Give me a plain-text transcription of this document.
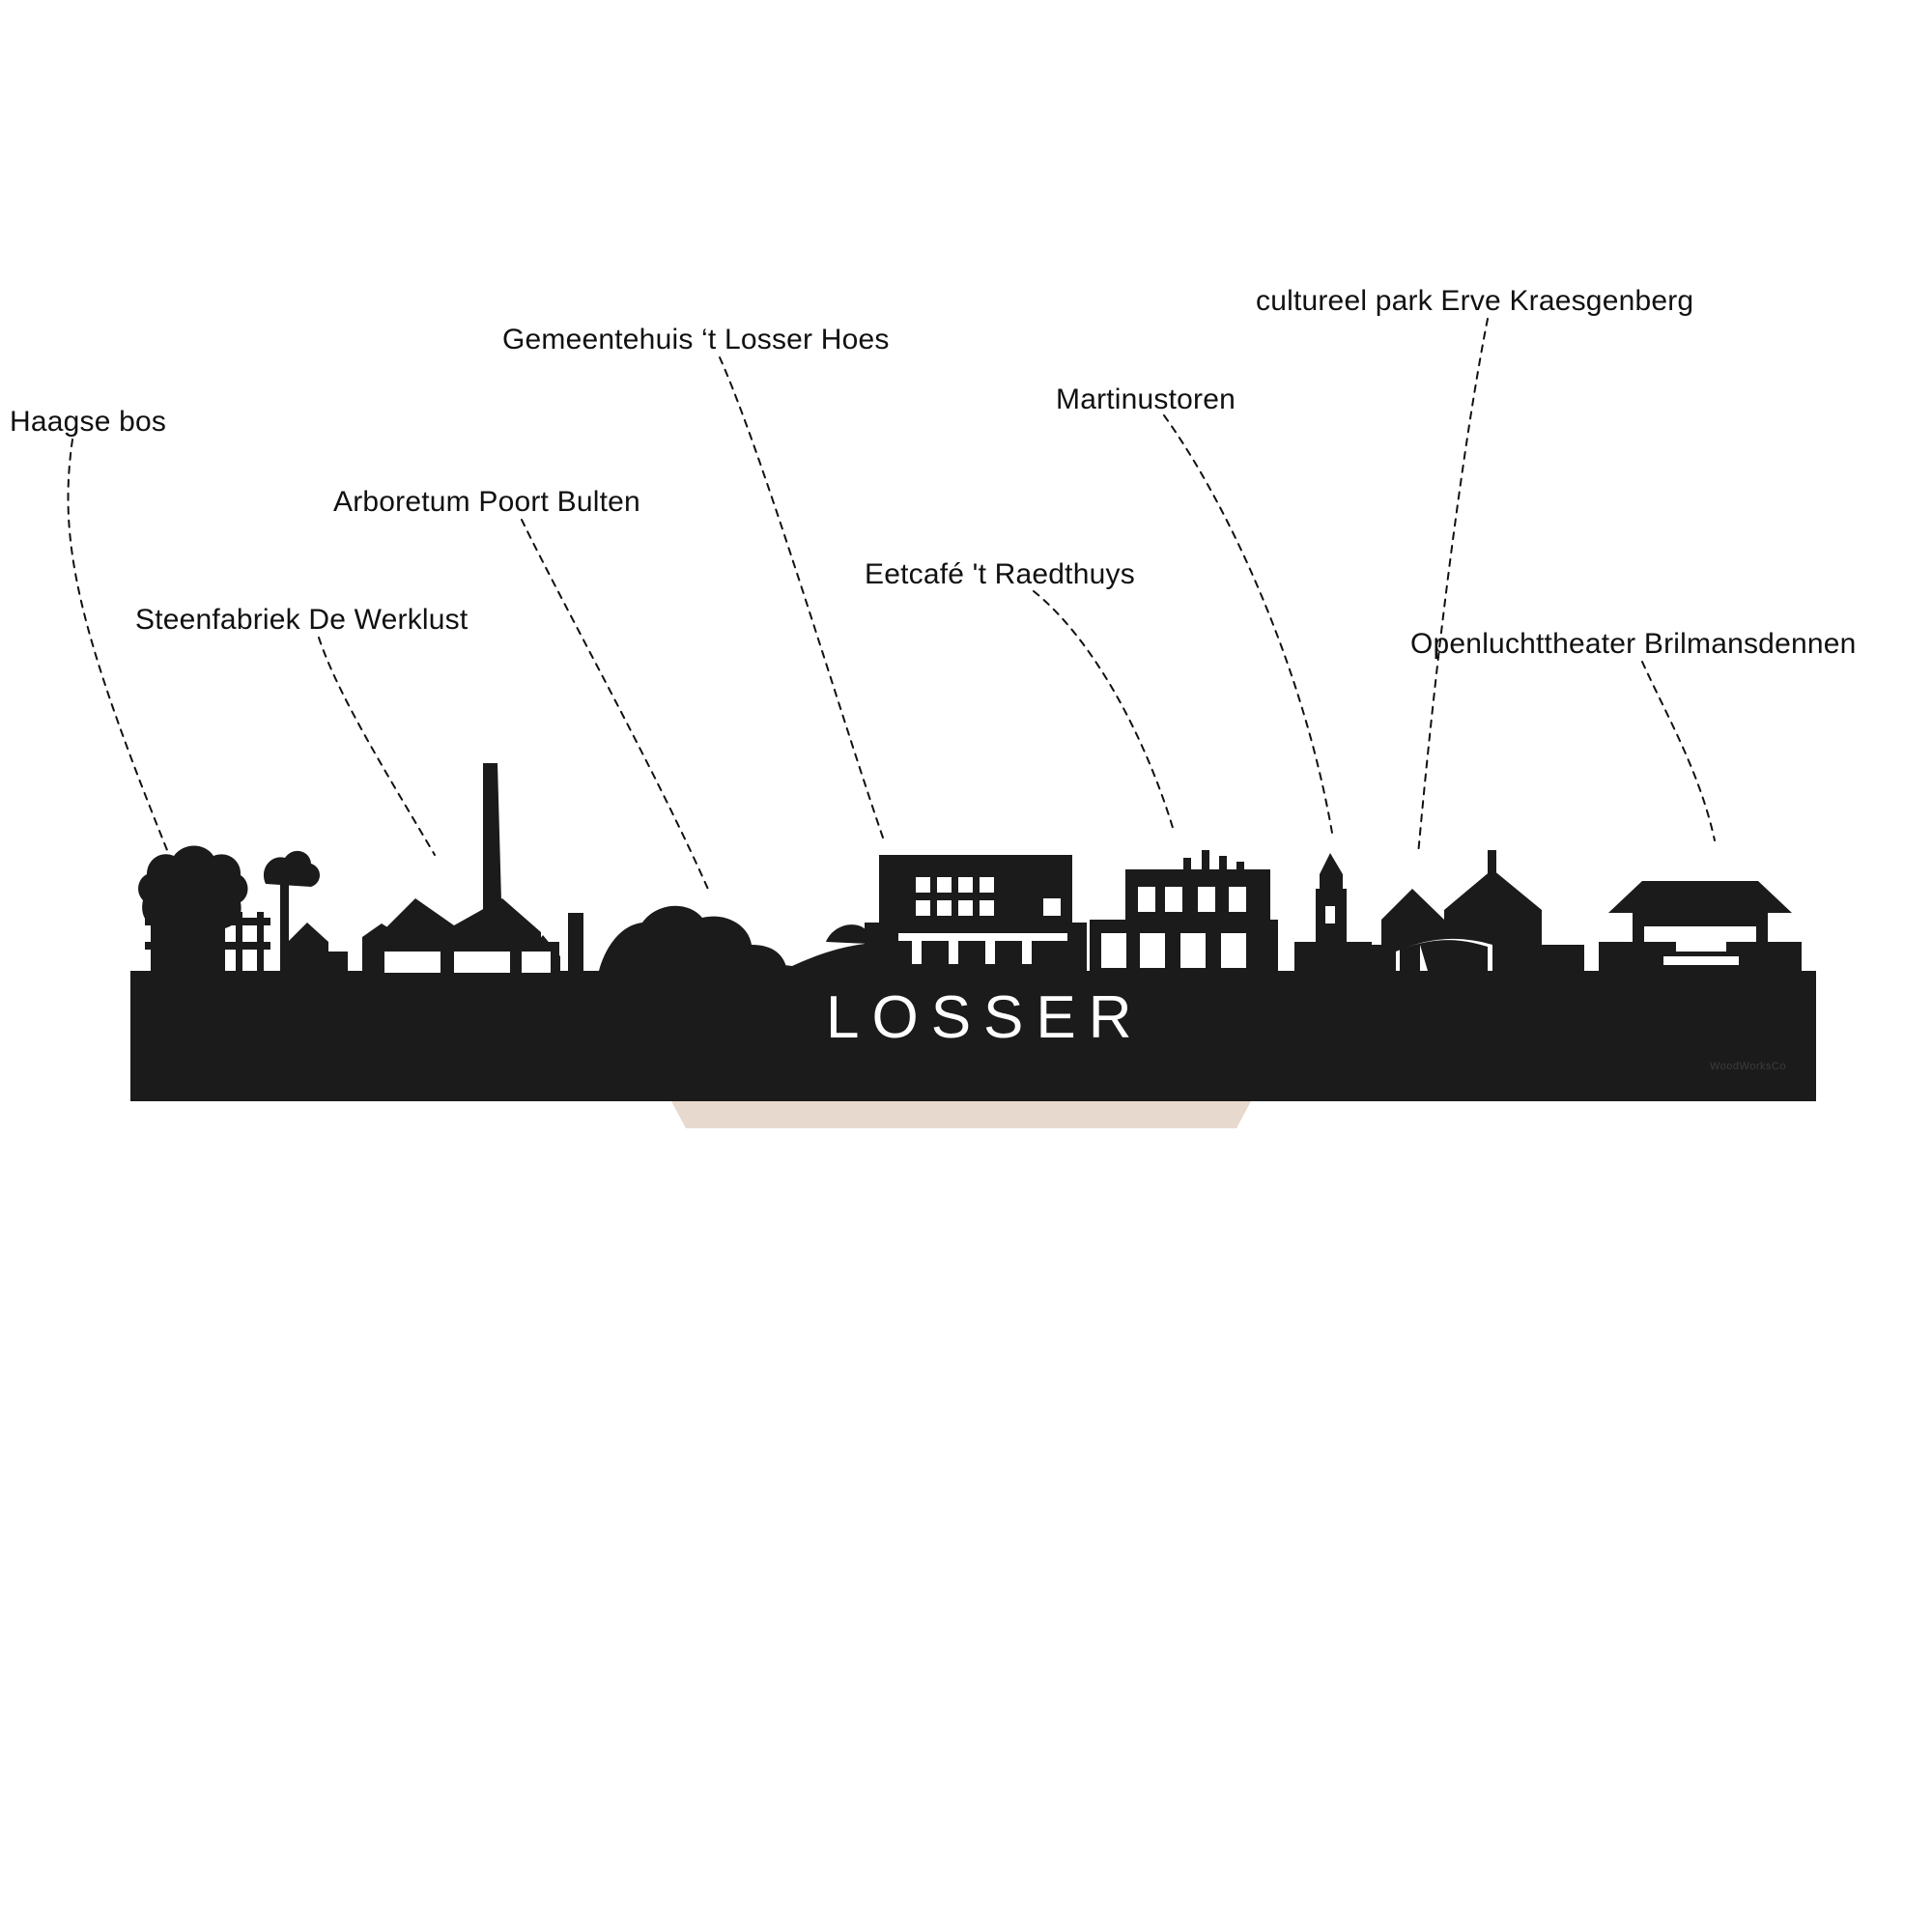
LOSSER
WoodWorksCo
Haagse bos
Steenfabriek De Werklust
Arboretum Poort Bulten
Gemeentehuis ‘t Losser Hoes
Eetcafé 't Raedthuys
Martinustoren
cultureel park Erve Kraesgenberg
Openluchttheater Brilmansdennen
